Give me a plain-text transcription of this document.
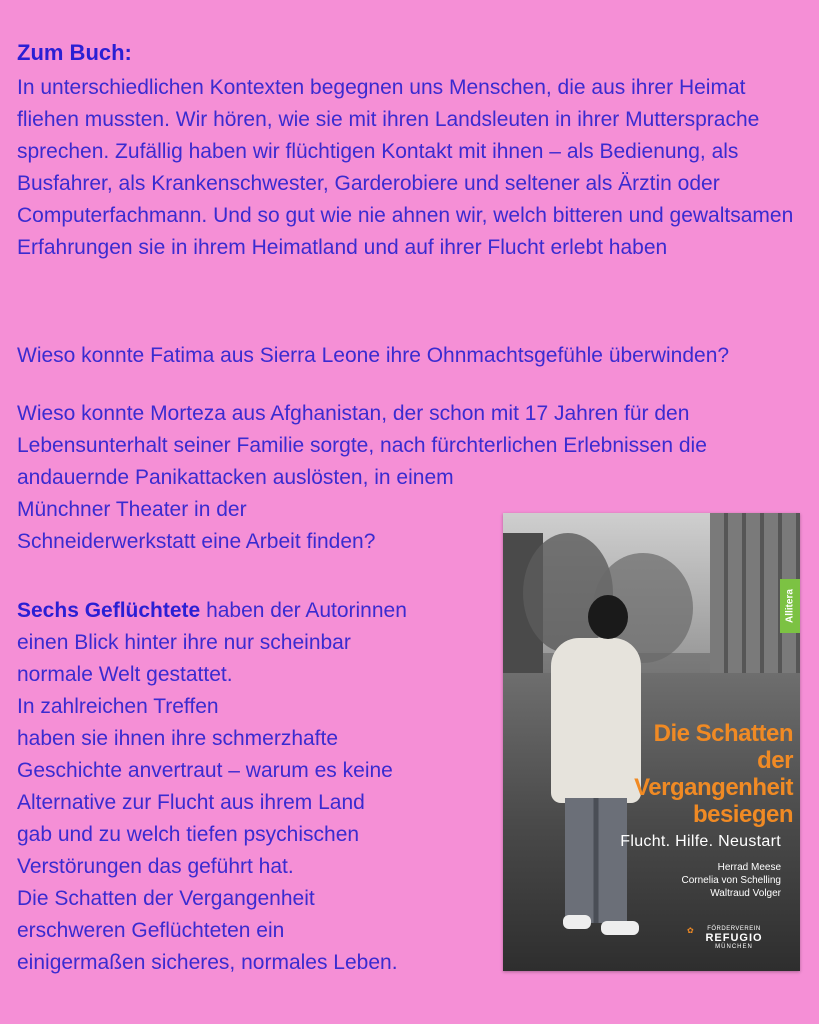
Zum Buch:

In unterschiedlichen Kontexten begegnen uns Menschen, die aus ihrer Heimat fliehen mussten. Wir hören, wie sie mit ihren Landsleuten in ihrer Muttersprache sprechen. Zufällig haben wir flüchtigen Kontakt mit ihnen – als Bedienung, als Busfahrer, als Krankenschwester, Garderobiere und seltener als Ärztin oder Computerfachmann. Und so gut wie nie ahnen wir, welch bitteren und gewaltsamen Erfahrungen sie in ihrem Heimatland und auf ihrer Flucht erlebt haben

Wieso konnte Fatima aus Sierra Leone ihre Ohnmachtsgefühle überwinden?

Wieso konnte Morteza aus Afghanistan, der schon mit 17 Jahren für den Lebensunterhalt seiner Familie sorgte, nach fürchterlichen Erlebnissen die andauernde Panikattacken auslösten, in einem
Münchner Theater in der
Schneiderwerkstatt eine Arbeit finden?
Sechs Geflüchtete haben der Autorinnen
einen Blick hinter ihre nur scheinbar
normale Welt gestattet.
In zahlreichen Treffen
haben sie ihnen ihre schmerzhafte
Geschichte anvertraut – warum es keine
Alternative zur Flucht aus ihrem Land
gab und zu welch tiefen psychischen
Verstörungen das geführt hat.
Die Schatten der Vergangenheit
erschweren Geflüchteten ein
einigermaßen sicheres, normales Leben.
Allitera
Die Schatten
der Vergangenheit
besiegen
Flucht. Hilfe. Neustart
Herrad Meese
Cornelia von Schelling
Waltraud Volger
✿	FÖRDERVEREIN
REFUGIO
MÜNCHEN
